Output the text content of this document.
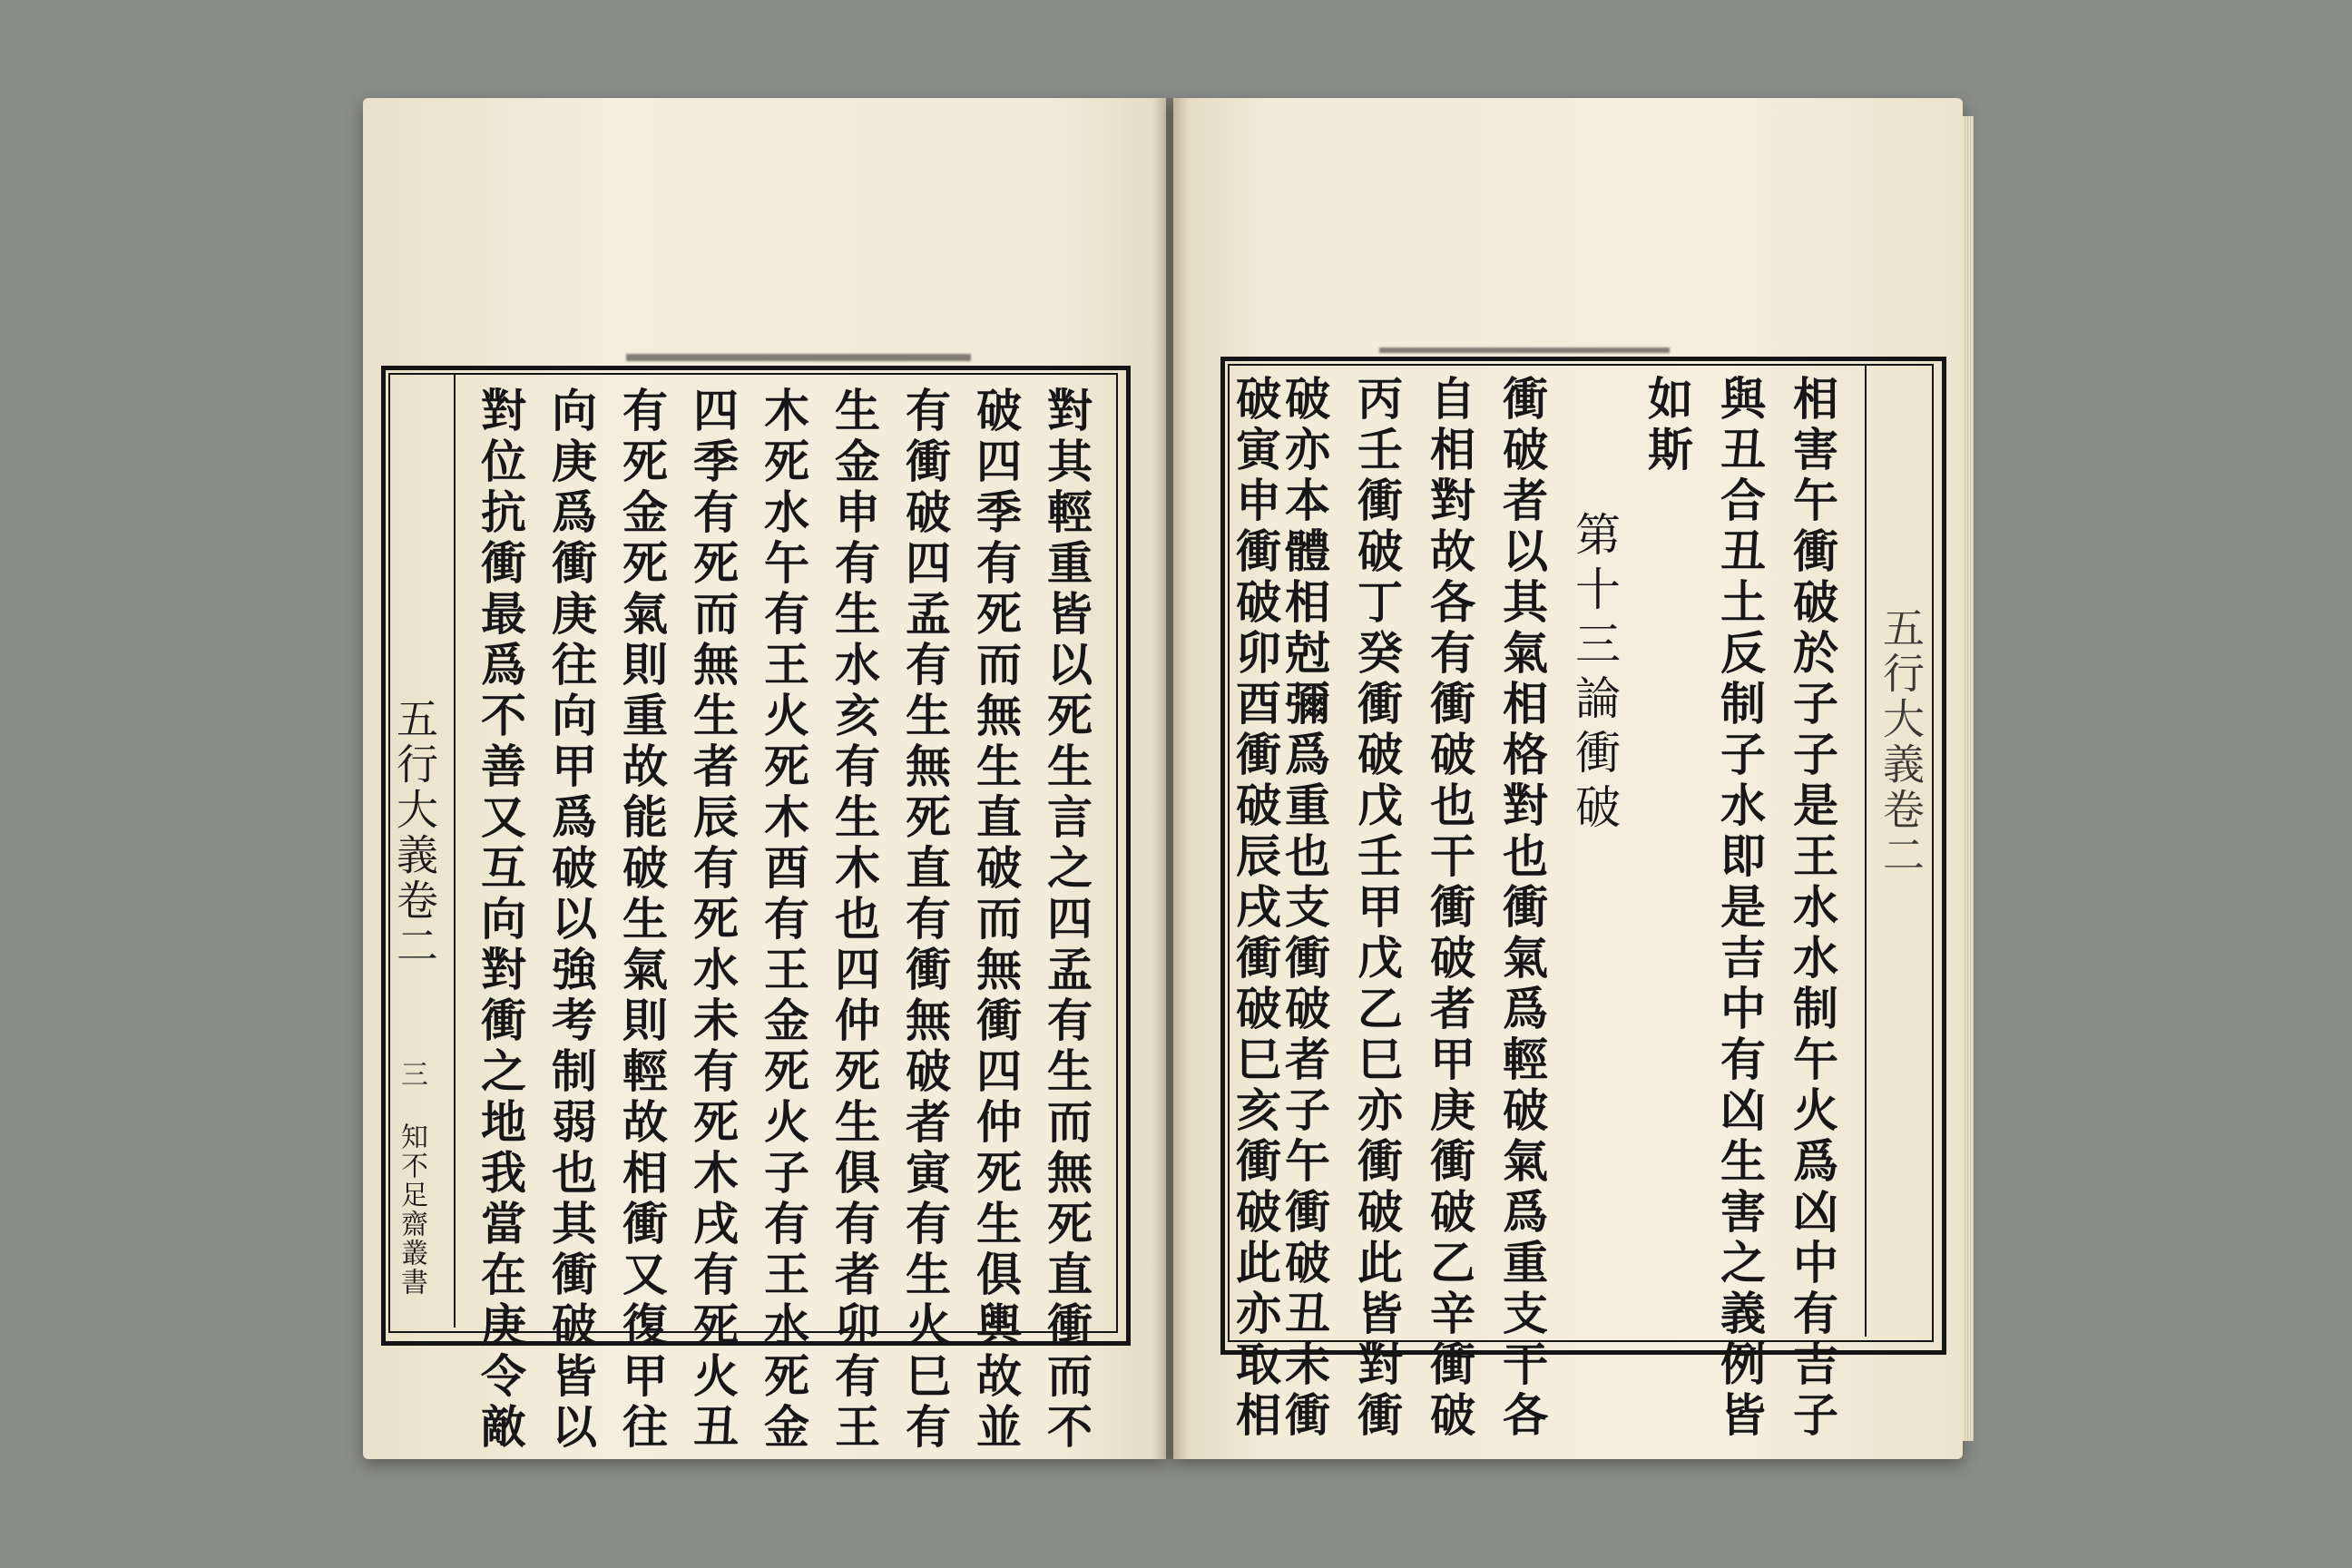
五行大義卷二
三 知不足齋叢書	對其輕重皆以死生言之四孟有生而無死直衝而不
破四季有死而無生直破而無衝四仲死生俱輿故並
有衝破四孟有生無死直有衝無破者寅有生火巳有
生金申有生水亥有生木也四仲死生俱有者卯有王
木死水午有王火死木酉有王金死火子有王水死金
四季有死而無生者辰有死水未有死木戌有死火丑
有死金死氣則重故能破生氣則輕故相衝又復甲往
向庚爲衝庚往向甲爲破以強考制弱也其衝破皆以
對位抗衝最爲不善又互向對衝之地我當在庚令敵	五行大義卷二
相害午衝破於子子是王水水制午火爲凶中有吉子
與丑合丑土反制子水即是吉中有凶生害之義例皆
如斯
第十三論衝破
衝破者以其氣相格對也衝氣爲輕破氣爲重支干各
自相對故各有衝破也干衝破者甲庚衝破乙辛衝破
丙壬衝破丁癸衝破戊壬甲戊乙巳亦衝破此皆對衝
破亦本體相尅彌爲重也支衝破者子午衝破丑未衝
破寅申衝破卯酉衝破辰戌衝破巳亥衝破此亦取相
